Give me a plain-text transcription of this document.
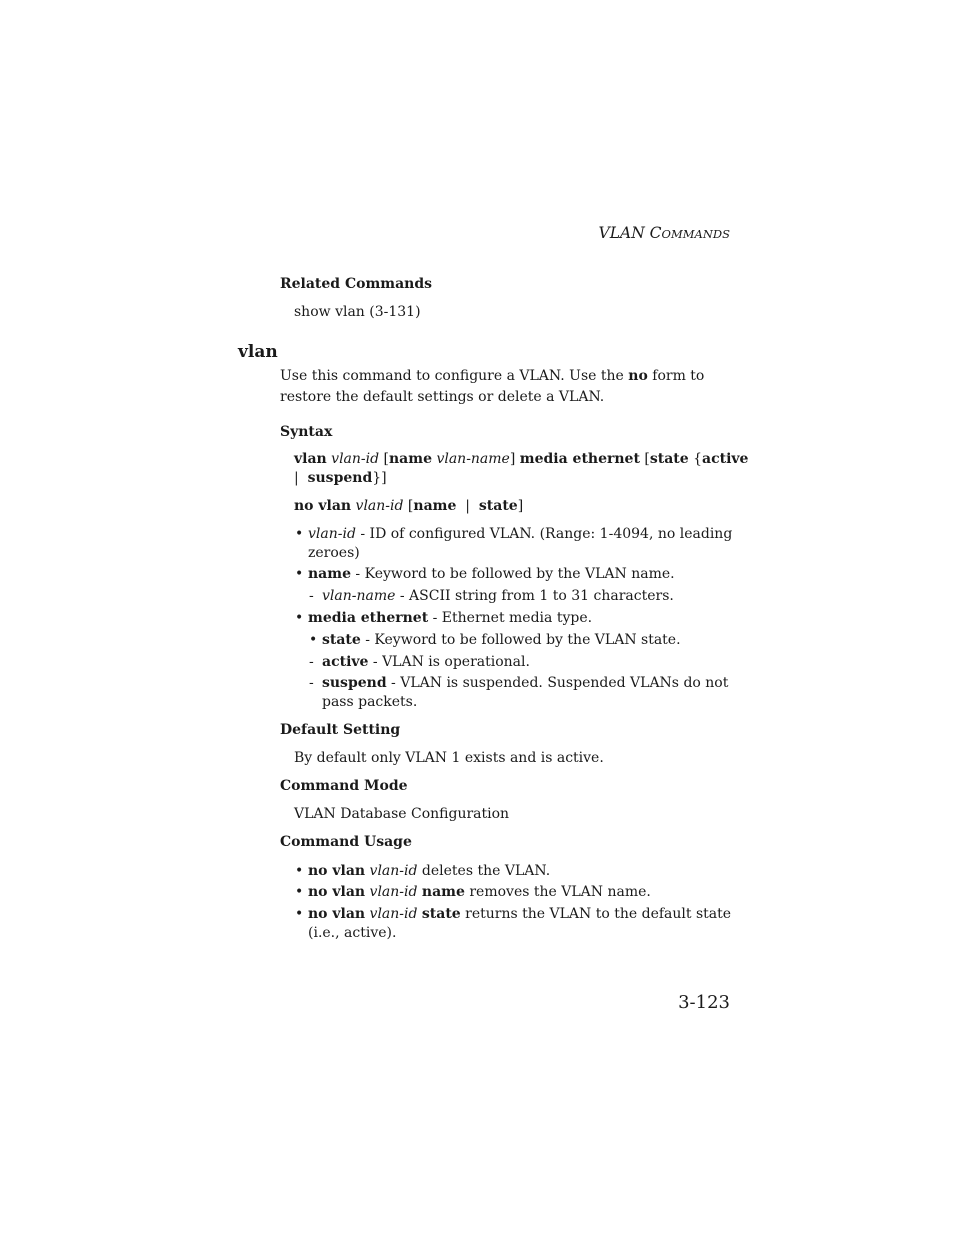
VLAN COMMANDS
Related Commands
show vlan (3-131)
vlan
Use this command to configure a VLAN. Use the no form to
restore the default settings or delete a VLAN.
Syntax
vlan vlan-id [name vlan-name] media ethernet [state {active
| suspend}]
no vlan vlan-id [name | state]
• vlan-id - ID of configured VLAN. (Range: 1-4094, no leading
zeroes)
• name - Keyword to be followed by the VLAN name.
- vlan-name - ASCII string from 1 to 31 characters.
• media ethernet - Ethernet media type.
• state - Keyword to be followed by the VLAN state.
- active - VLAN is operational.
- suspend - VLAN is suspended. Suspended VLANs do not
pass packets.
Default Setting
By default only VLAN 1 exists and is active.
Command Mode
VLAN Database Configuration
Command Usage
• no vlan vlan-id deletes the VLAN.
• no vlan vlan-id name removes the VLAN name.
• no vlan vlan-id state returns the VLAN to the default state
(i.e., active).
3-123
